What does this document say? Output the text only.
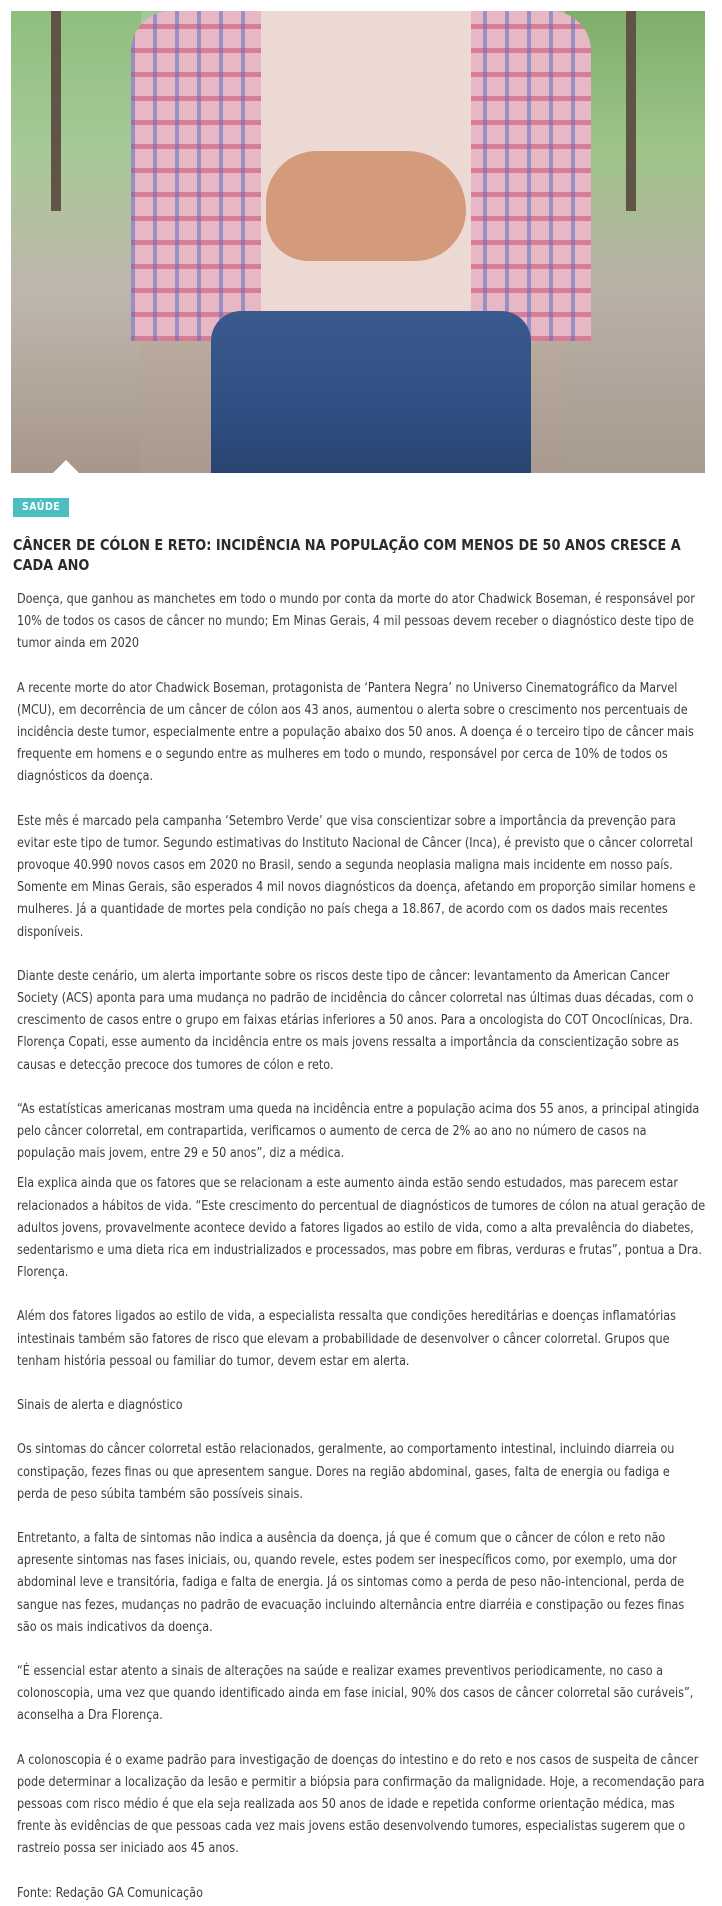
SAÚDE
CÂNCER DE CÓLON E RETO: INCIDÊNCIA NA POPULAÇÃO COM MENOS DE 50 ANOS CRESCE A CADA ANO

Doença, que ganhou as manchetes em todo o mundo por conta da morte do ator Chadwick Boseman, é responsável por 10% de todos os casos de câncer no mundo; Em Minas Gerais, 4 mil pessoas devem receber o diagnóstico deste tipo de tumor ainda em 2020

A recente morte do ator Chadwick Boseman, protagonista de ‘Pantera Negra’ no Universo Cinematográfico da Marvel (MCU), em decorrência de um câncer de cólon aos 43 anos, aumentou o alerta sobre o crescimento nos percentuais de incidência deste tumor, especialmente entre a população abaixo dos 50 anos. A doença é o terceiro tipo de câncer mais frequente em homens e o segundo entre as mulheres em todo o mundo, responsável por cerca de 10% de todos os diagnósticos da doença.

Este mês é marcado pela campanha ‘Setembro Verde’ que visa conscientizar sobre a importância da prevenção para evitar este tipo de tumor. Segundo estimativas do Instituto Nacional de Câncer (Inca), é previsto que o câncer colorretal provoque 40.990 novos casos em 2020 no Brasil, sendo a segunda neoplasia maligna mais incidente em nosso país. Somente em Minas Gerais, são esperados 4 mil novos diagnósticos da doença, afetando em proporção similar homens e mulheres. Já a quantidade de mortes pela condição no país chega a 18.867, de acordo com os dados mais recentes disponíveis.

Diante deste cenário, um alerta importante sobre os riscos deste tipo de câncer: levantamento da American Cancer Society (ACS) aponta para uma mudança no padrão de incidência do câncer colorretal nas últimas duas décadas, com o crescimento de casos entre o grupo em faixas etárias inferiores a 50 anos. Para a oncologista do COT Oncoclínicas, Dra. Florença Copati, esse aumento da incidência entre os mais jovens ressalta a importância da conscientização sobre as causas e detecção precoce dos tumores de cólon e reto.

“As estatísticas americanas mostram uma queda na incidência entre a população acima dos 55 anos, a principal atingida pelo câncer colorretal, em contrapartida, verificamos o aumento de cerca de 2% ao ano no número de casos na população mais jovem, entre 29 e 50 anos”, diz a médica.

Ela explica ainda que os fatores que se relacionam a este aumento ainda estão sendo estudados, mas parecem estar relacionados a hábitos de vida. “Este crescimento do percentual de diagnósticos de tumores de cólon na atual geração de adultos jovens, provavelmente acontece devido a fatores ligados ao estilo de vida, como a alta prevalência do diabetes, sedentarismo e uma dieta rica em industrializados e processados, mas pobre em fibras, verduras e frutas”, pontua a Dra. Florença.

Além dos fatores ligados ao estilo de vida, a especialista ressalta que condições hereditárias e doenças inflamatórias intestinais também são fatores de risco que elevam a probabilidade de desenvolver o câncer colorretal. Grupos que tenham história pessoal ou familiar do tumor, devem estar em alerta.

Sinais de alerta e diagnóstico

Os sintomas do câncer colorretal estão relacionados, geralmente, ao comportamento intestinal, incluindo diarreia ou constipação, fezes finas ou que apresentem sangue. Dores na região abdominal, gases, falta de energia ou fadiga e perda de peso súbita também são possíveis sinais.

Entretanto, a falta de sintomas não indica a ausência da doença, já que é comum que o câncer de cólon e reto não apresente sintomas nas fases iniciais, ou, quando revele, estes podem ser inespecíficos como, por exemplo, uma dor abdominal leve e transitória, fadiga e falta de energia. Já os sintomas como a perda de peso não-intencional, perda de sangue nas fezes, mudanças no padrão de evacuação incluindo alternância entre diarréia e constipação ou fezes finas são os mais indicativos da doença.

“É essencial estar atento a sinais de alterações na saúde e realizar exames preventivos periodicamente, no caso a colonoscopia, uma vez que quando identificado ainda em fase inicial, 90% dos casos de câncer colorretal são curáveis”, aconselha a Dra Florença.

A colonoscopia é o exame padrão para investigação de doenças do intestino e do reto e nos casos de suspeita de câncer pode determinar a localização da lesão e permitir a biópsia para confirmação da malignidade. Hoje, a recomendação para pessoas com risco médio é que ela seja realizada aos 50 anos de idade e repetida conforme orientação médica, mas frente às evidências de que pessoas cada vez mais jovens estão desenvolvendo tumores, especialistas sugerem que o rastreio possa ser iniciado aos 45 anos.

Fonte: Redação GA Comunicação
